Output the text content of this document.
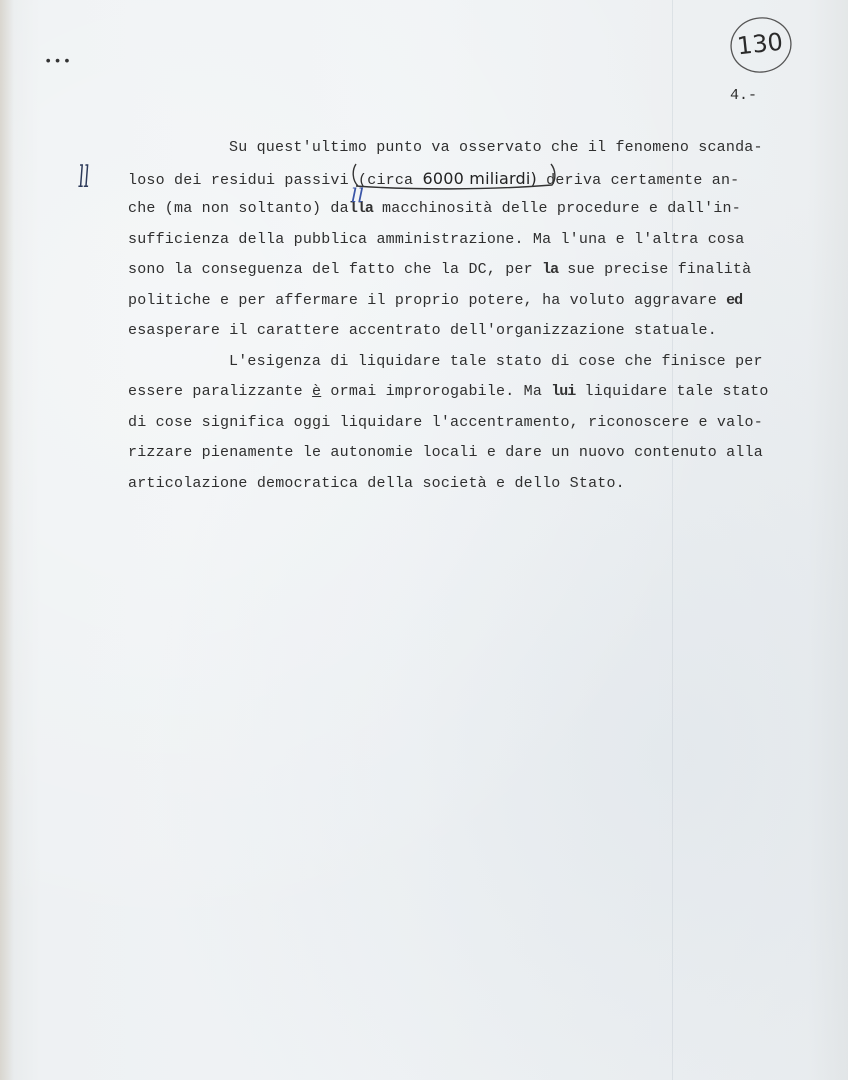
•••
130
4.-
ll
Su quest'ultimo punto va osservato che il fenomeno scanda-
loso dei residui passivi
(circa 6000 miliardi) deriva certamente an-
che (ma non soltanto) dalla
ll
macchinosità delle procedure e dall'in-
sufficienza della pubblica amministrazione. Ma l'una e l'altra cosa
sono la conseguenza del fatto che la DC, per la sue precise finalità
politiche e per affermare il proprio potere, ha voluto aggravare ed
esasperare il carattere accentrato dell'organizzazione statuale.
L'esigenza di liquidare tale stato di cose che finisce per
essere paralizzante è ormai improrogabile. Ma lui liquidare tale stato
di cose significa oggi liquidare l'accentramento, riconoscere e valo-
rizzare pienamente le autonomie locali e dare un nuovo contenuto alla
articolazione democratica della società e dello Stato.
